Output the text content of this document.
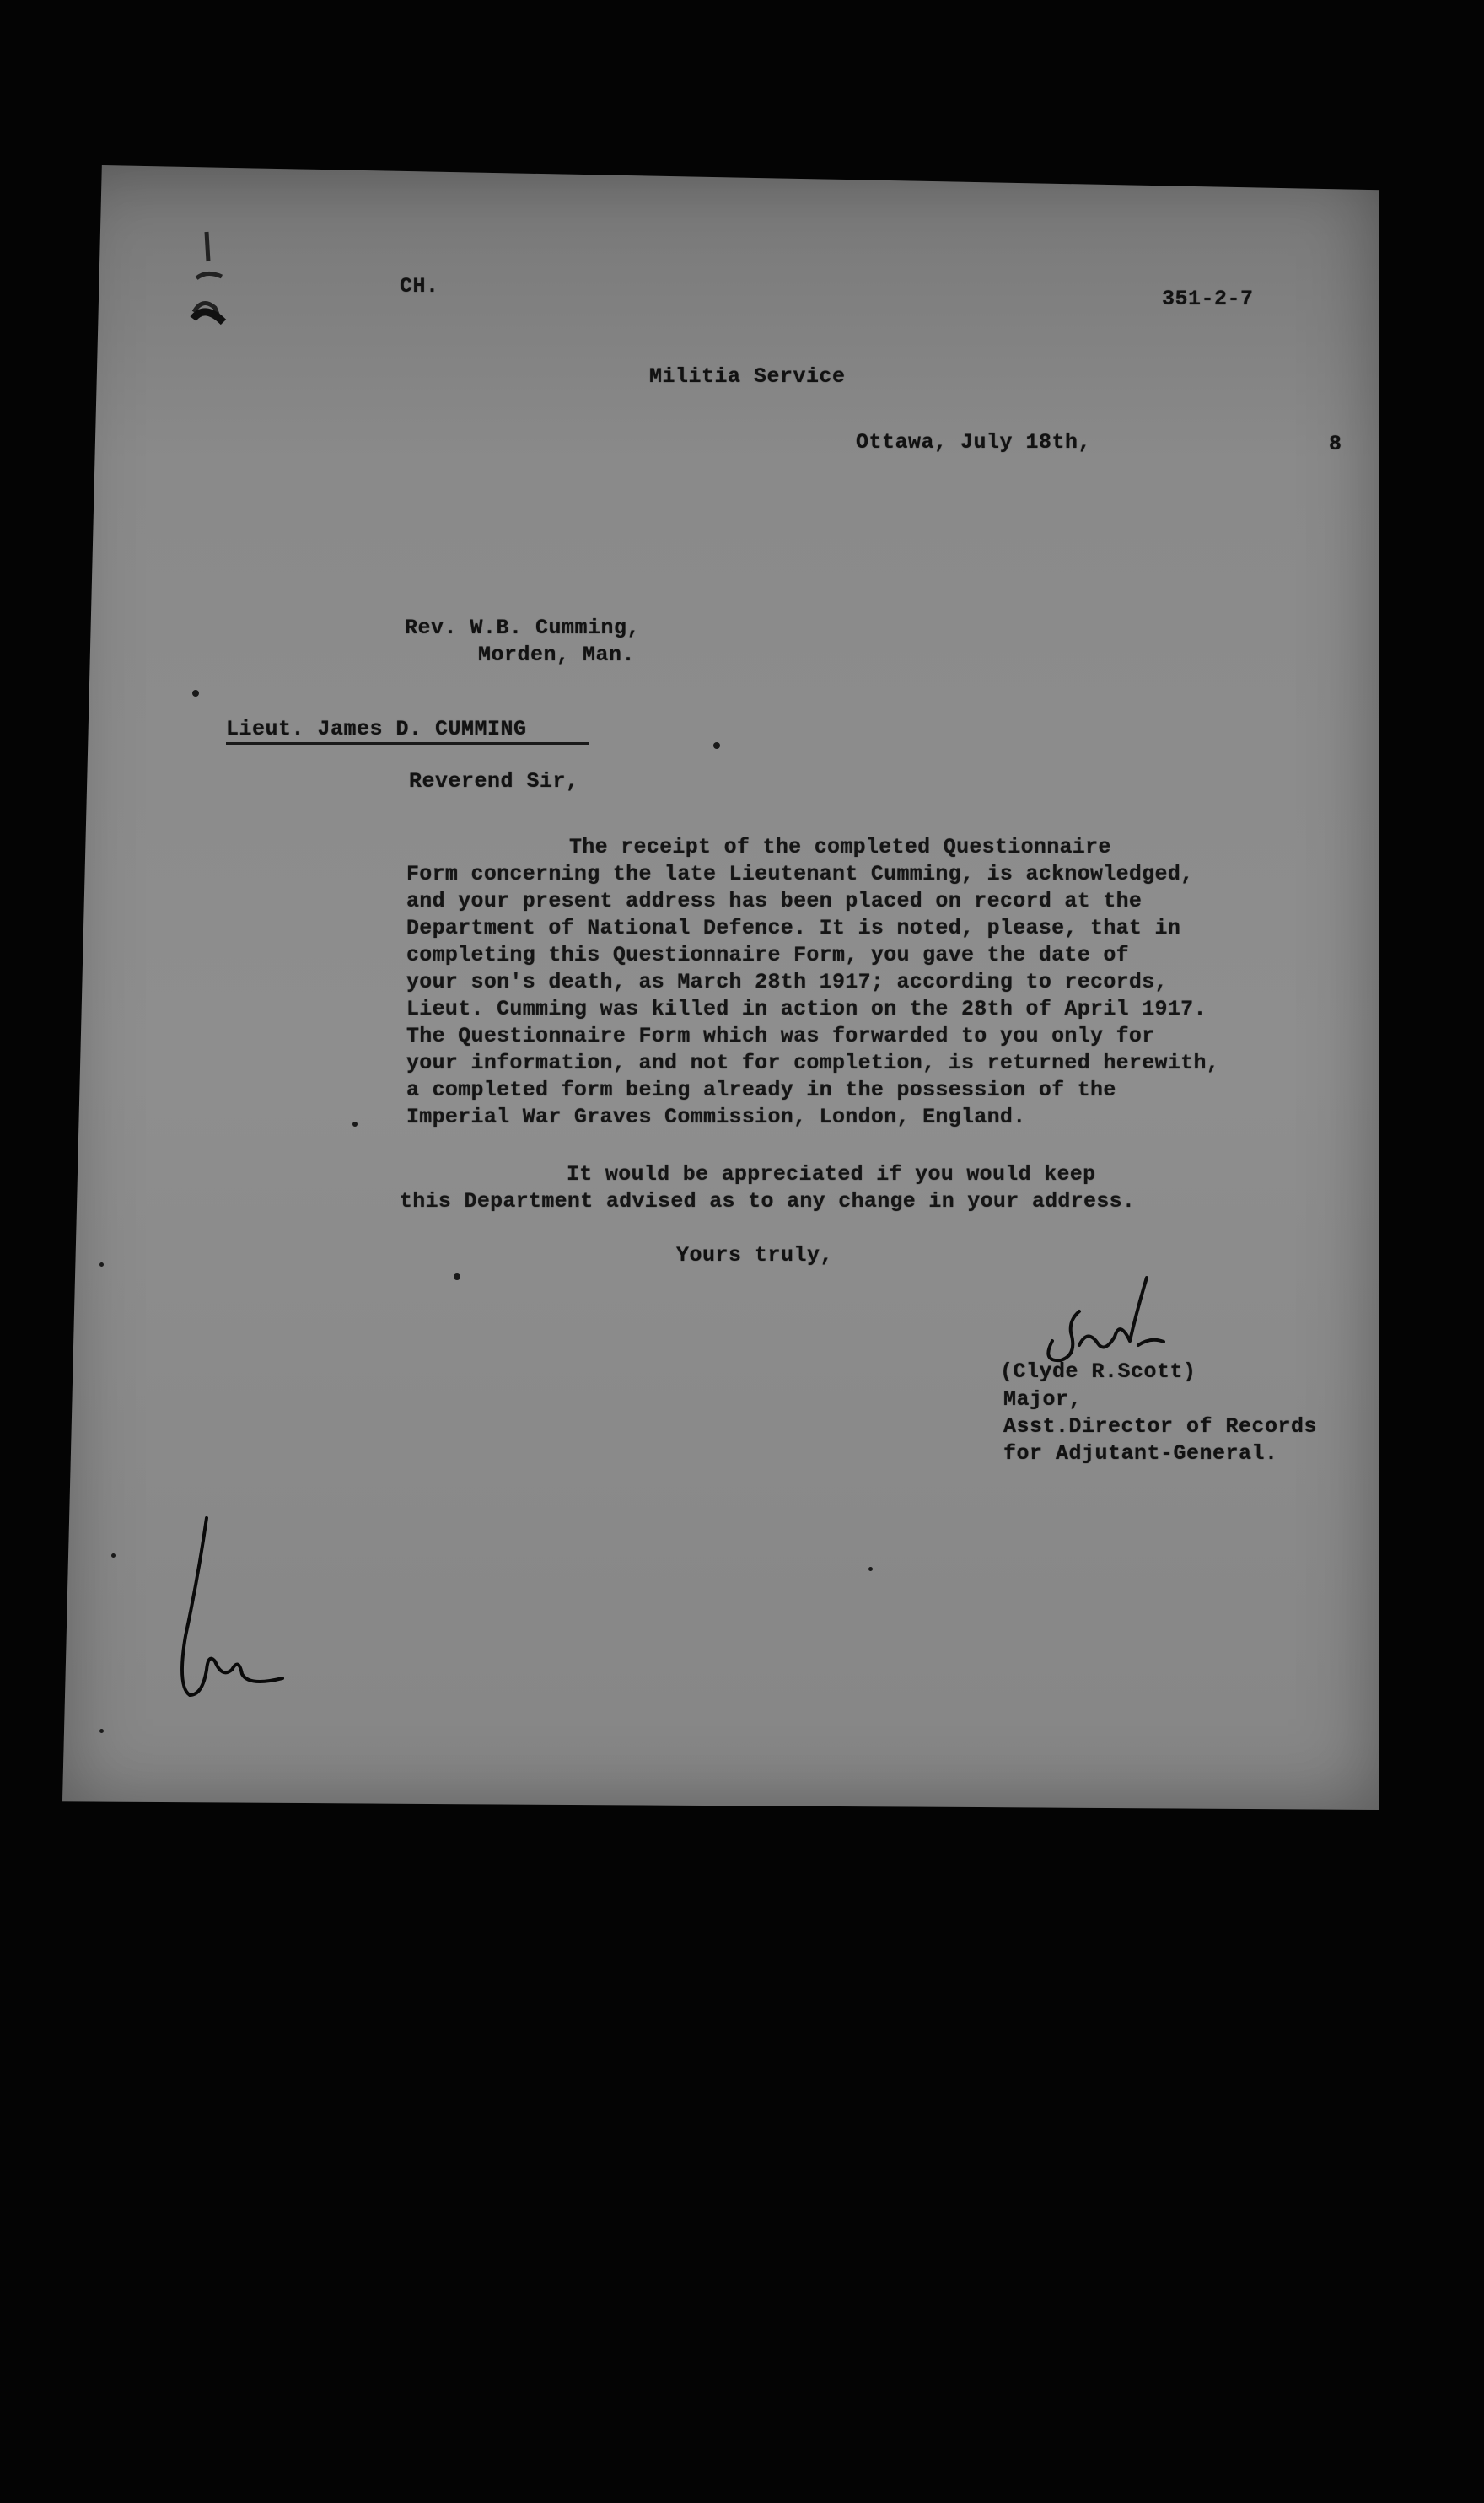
CH.
351-2-7
Militia Service
Ottawa, July 18th,	8
Rev. W.B. Cumming,
Morden, Man.
Lieut. James D. CUMMING
Reverend Sir,
The receipt of the completed Questionnaire
Form concerning the late Lieutenant Cumming, is acknowledged,
and your present address has been placed on record at the
Department of National Defence. It is noted, please, that in
completing this Questionnaire Form, you gave the date of
your son's death, as March 28th 1917; according to records,
Lieut. Cumming was killed in action on the 28th of April 1917.
The Questionnaire Form which was forwarded to you only for
your information, and not for completion, is returned herewith,
a completed form being already in the possession of the
Imperial War Graves Commission, London, England.
It would be appreciated if you would keep
this Department advised as to any change in your address.
Yours truly,
(Clyde R.Scott)
Major,
Asst.Director of Records
for Adjutant-General.
